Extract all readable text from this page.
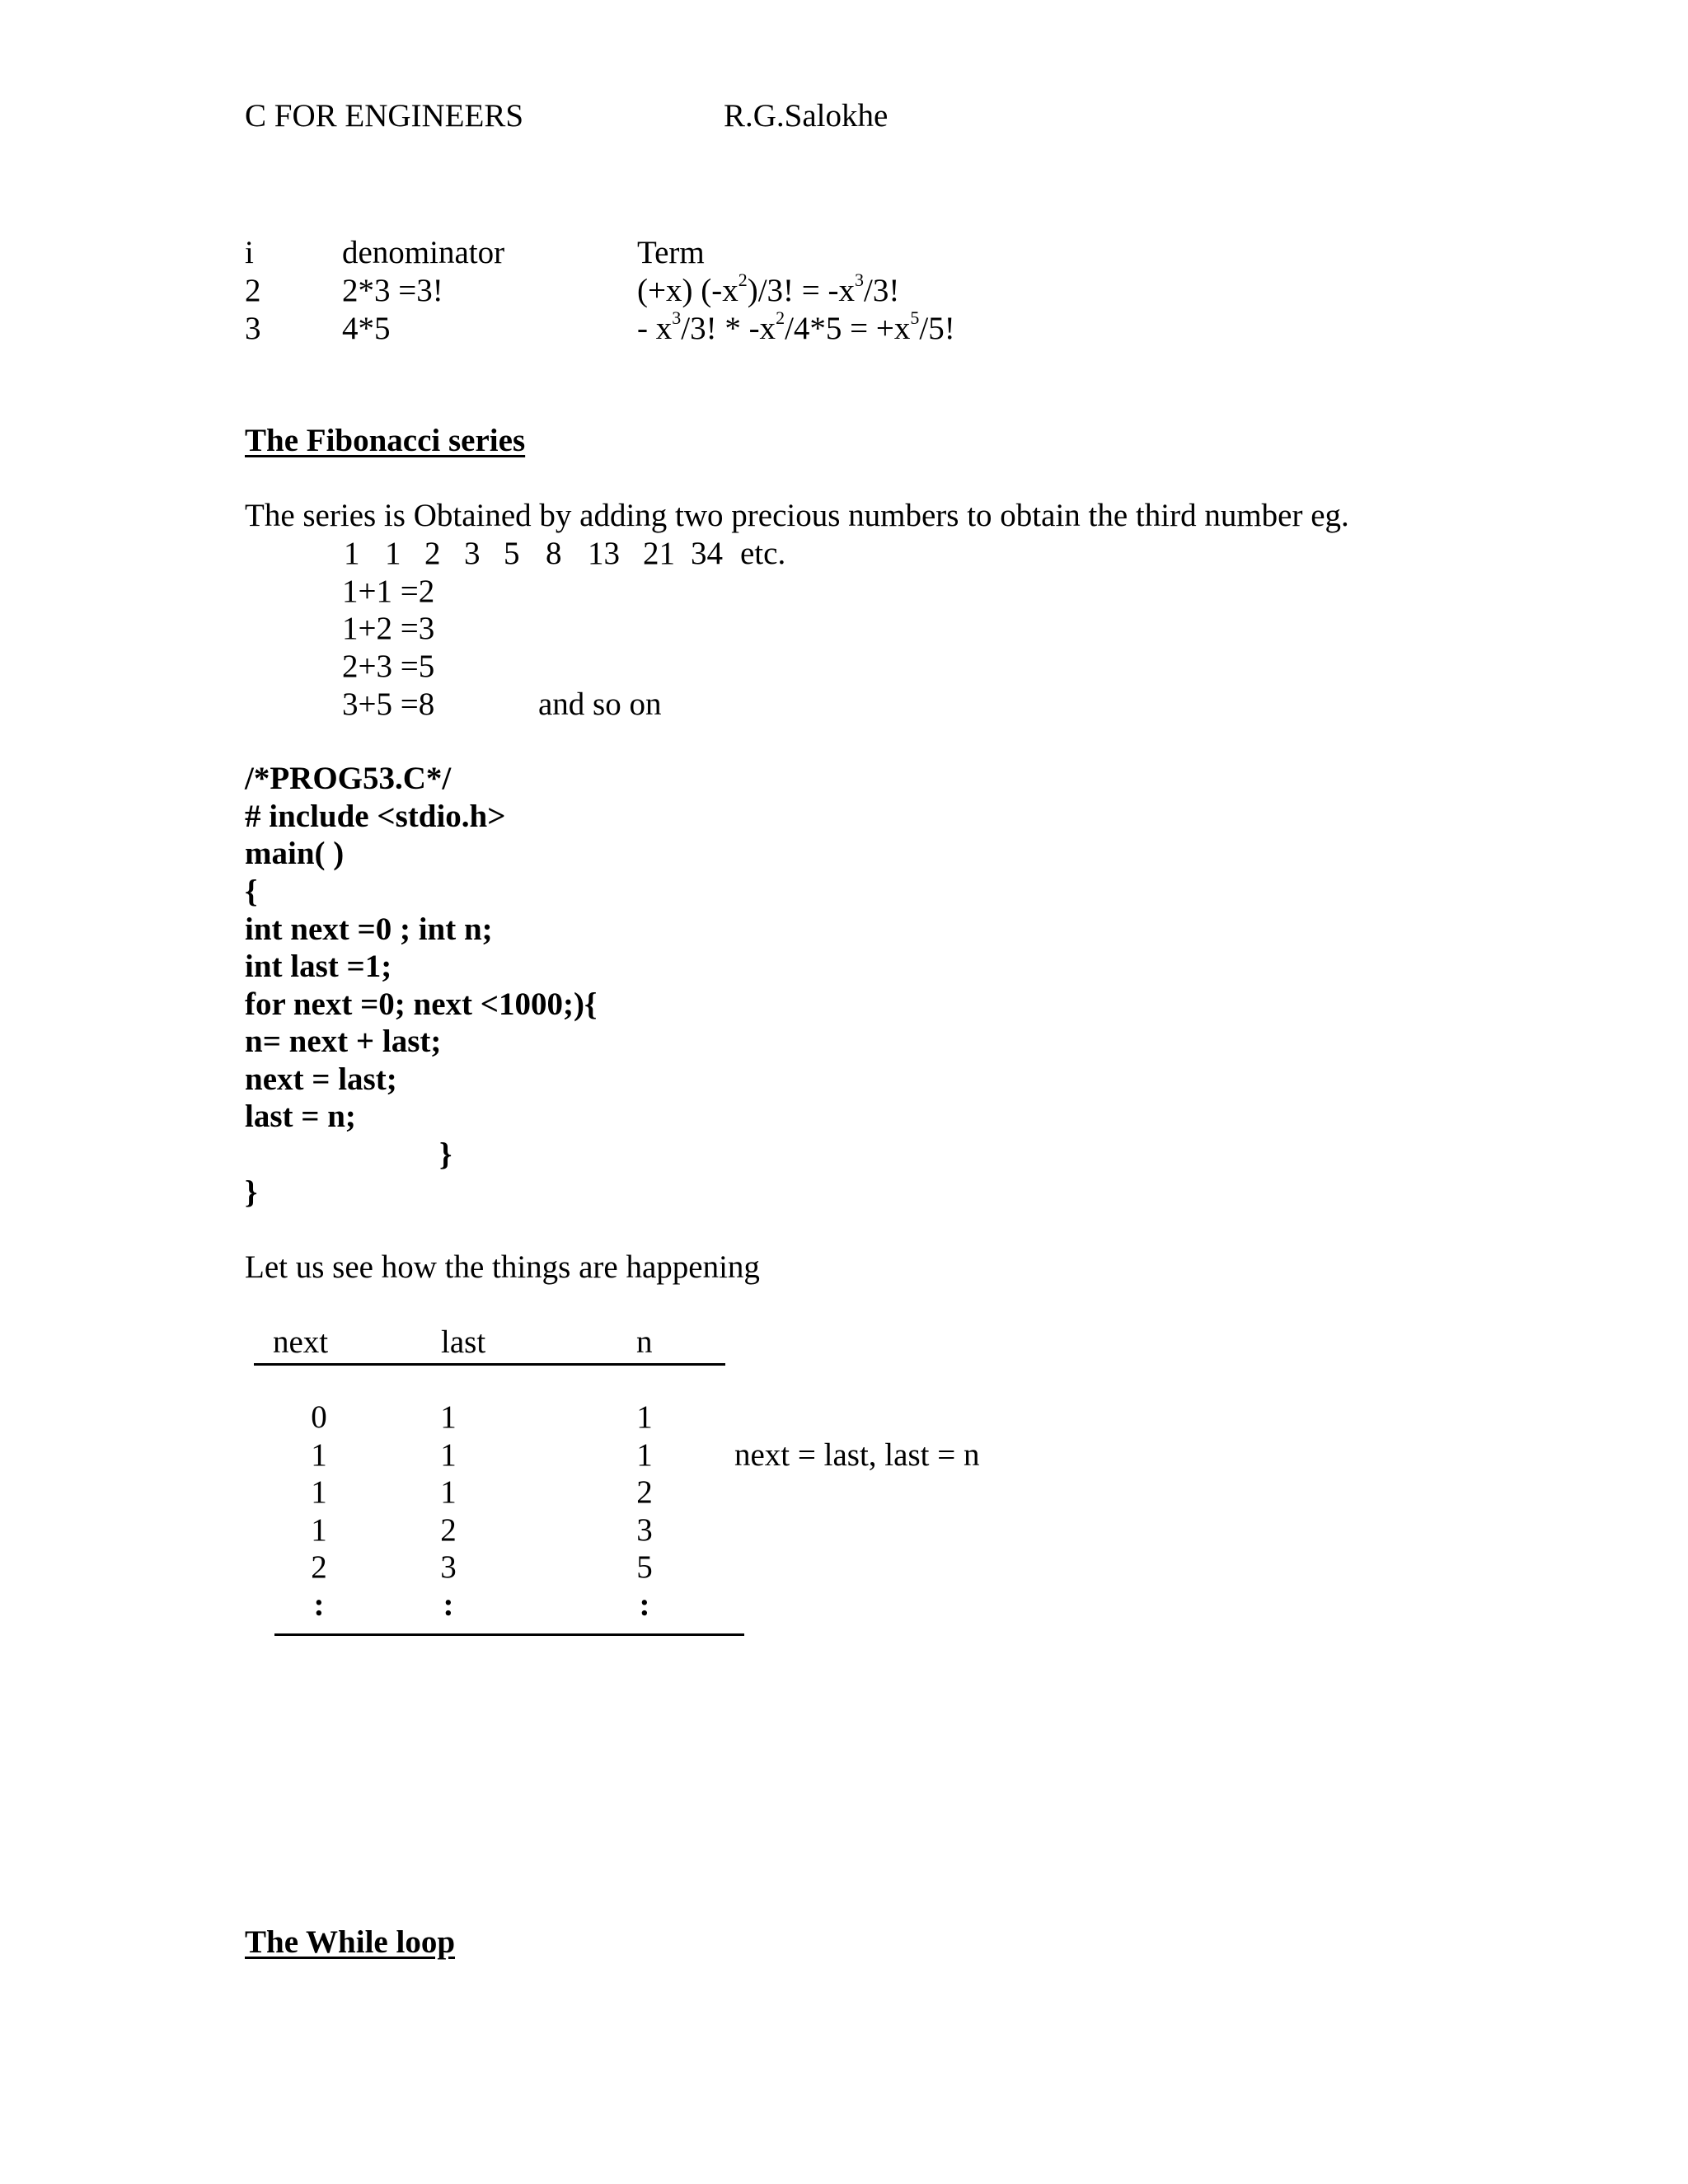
C FOR ENGINEERS	R.G.Salokhe
i	denominator	Term
2	2*3 =3!	(+x) $(-x^2)/3$! = $-x^3/3$!
3	4*5	- $x^3/3$! * $-x^2/4*5 = +x^5/5$!
The Fibonacci series
The series is Obtained by adding two precious numbers to obtain the third number eg.
1 1 2 3 5 8 13 21 34 etc.
1+1 =2
1+2 =3
2+3 =5
3+5 =8	and so on
/*PROG53.C*/
# include <stdio.h>
main( )
{
int next =0 ; int n;
int last =1;
for next =0; next <1000;){
n= next + last;
next = last;
last = n;
}
}
Let us see how the things are happening
next	last	n
0	1	1
1	1	1	next = last, last = n
1	1	2
1	2	3
2	3	5
:	:	:
The While loop
